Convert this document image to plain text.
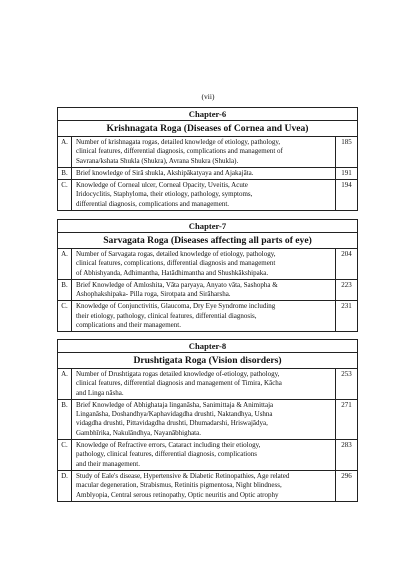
(vii)
Chapter-6		
Krishnagata Roga (Diseases of Cornea and Uvea)		
A.	Number of krishnagata rogas, detailed knowledge of etiology, pathology,
clinical features, differential diagnosis, complications and management of
Savrana/kshata Shukla (Shukra), Avrana Shukra (Shukla).	185
B.	Brief knowledge of Sirā shukla, Akshipākatyaya and Ajakajāta.	191
C.	Knowledge of Corneal ulcer, Corneal Opacity, Uveitis, Acute
Iridocyclitis, Staphyloma, their etiology, pathology, symptoms,
differential diagnosis, complications and management.	194
Chapter-7		
Sarvagata Roga (Diseases affecting all parts of eye)		
A.	Number of Sarvagata rogas, detailed knowledge of etiology, pathology,
clinical features, complications, differential diagnosis and management
of Abhishyanda, Adhimantha, Hatādhimantha and Shushkākshipaka.	204
B.	Brief Knowledge of Amloshita, Vāta paryaya, Anyato vāta, Sashopha &
Ashophakshipaka- Pilla roga, Sirotpata and Sirāharsha.	223
C.	Knowledge of Conjunctivitis, Glaucoma, Dry Eye Syndrome including
their etiology, pathology, clinical features, differential diagnosis,
complications and their management.	231
Chapter-8		
Drushtigata Roga (Vision disorders)		
A.	Number of Drushtigata rogas detailed knowledge of-etiology, pathology,
clinical features, differential diagnosis and management of Timira, Kācha
and Linga nāsha.	253
B.	Brief Knowledge of Abhighataja linganāsha, Sanimittaja & Animittaja
Linganāsha, Doshandhya/Kaphavidagdha drushti, Naktandhya, Ushna
vidagdha drushti, Pittavidagdha drushti, Dhumadarshi, Hriswajādya,
Gambhīrika, Nakulāndhya, Nayanābhighata.	271
C.	Knowledge of Refractive errors, Cataract including their etiology,
pathology, clinical features, differential diagnosis, complications
and their management.	283
D.	Study of Eale's disease, Hypertensive & Diabetic Retinopathies, Age related
macular degeneration, Strabismus, Retinitis pigmentosa, Night blindness,
Amblyopia, Central serous retinopathy, Optic neuritis and Optic atrophy	296
